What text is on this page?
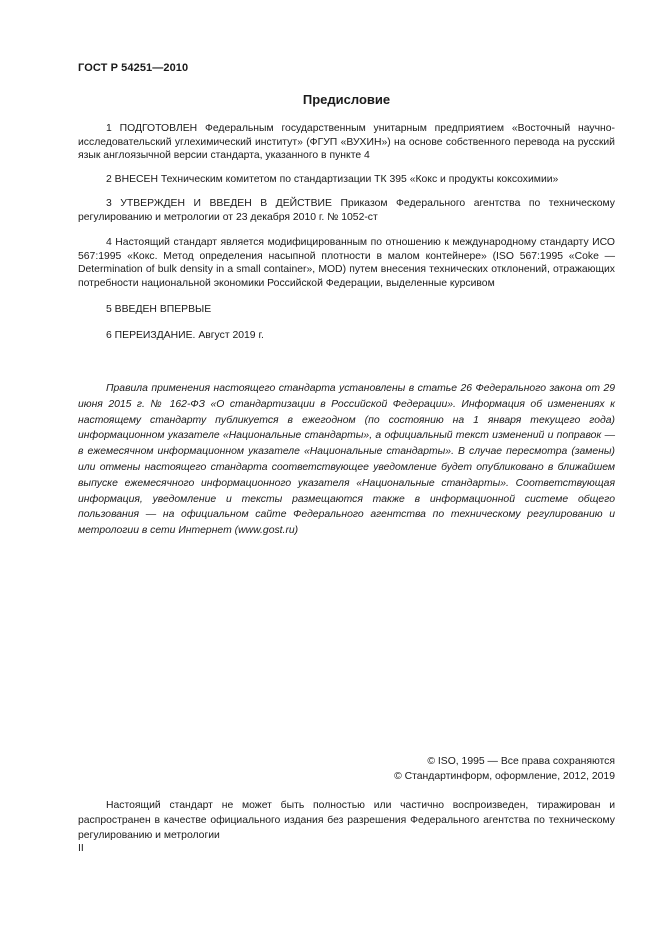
ГОСТ Р 54251—2010
Предисловие

1 ПОДГОТОВЛЕН Федеральным государственным унитарным предприятием «Восточный научно-исследовательский углехимический институт» (ФГУП «ВУХИН») на основе собственного перевода на русский язык англоязычной версии стандарта, указанного в пункте 4

2 ВНЕСЕН Техническим комитетом по стандартизации ТК 395 «Кокс и продукты коксохимии»

3 УТВЕРЖДЕН И ВВЕДЕН В ДЕЙСТВИЕ Приказом Федерального агентства по техническому регулированию и метрологии от 23 декабря 2010 г. № 1052-ст

4 Настоящий стандарт является модифицированным по отношению к международному стандарту ИСО 567:1995 «Кокс. Метод определения насыпной плотности в малом контейнере» (ISO 567:1995 «Coke — Determination of bulk density in a small container», MOD) путем внесения технических отклонений, отражающих потребности национальной экономики Российской Федерации, выделенные курсивом

5 ВВЕДЕН ВПЕРВЫЕ

6 ПЕРЕИЗДАНИЕ. Август 2019 г.

Правила применения настоящего стандарта установлены в статье 26 Федерального закона от 29 июня 2015 г. № 162-ФЗ «О стандартизации в Российской Федерации». Информация об изменениях к настоящему стандарту публикуется в ежегодном (по состоянию на 1 января текущего года) информационном указателе «Национальные стандарты», а официальный текст изменений и поправок — в ежемесячном информационном указателе «Национальные стандарты». В случае пересмотра (замены) или отмены настоящего стандарта соответствующее уведомление будет опубликовано в ближайшем выпуске ежемесячного информационного указателя «Национальные стандарты». Соответствующая информация, уведомление и тексты размещаются также в информационной системе общего пользования — на официальном сайте Федерального агентства по техническому регулированию и метрологии в сети Интернет (www.gost.ru)

© ISO, 1995 — Все права сохраняются
© Стандартинформ, оформление, 2012, 2019

Настоящий стандарт не может быть полностью или частично воспроизведен, тиражирован и распространен в качестве официального издания без разрешения Федерального агентства по техническому регулированию и метрологии

II
